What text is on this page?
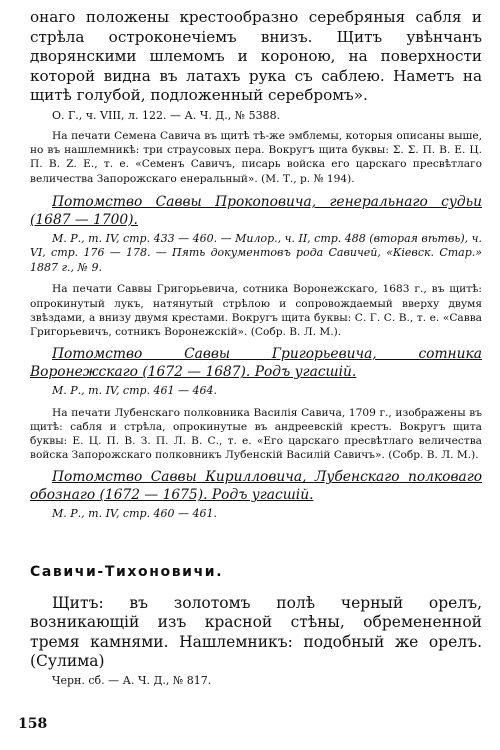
онаго положены крестообразно серебряныя сабля и стрѣла остроконечіемъ внизъ. Щитъ увѣнчанъ дворянскими шлемомъ и короною, на поверхности которой видна въ латахъ рука съ саблею. Наметъ на щитѣ голубой, подложенный серебромъ».

О. Г., ч. VIII, л. 122. — А. Ч. Д., № 5388.

На печати Семена Савича въ щитѣ тѣ-же эмблемы, которыя описаны выше, но въ нашлемникѣ: три страусовых пера. Вокругъ щита буквы: Σ. Σ. П. В. Е. Ц. П. В. Z. Е., т. е. «Семенъ Савичъ, писарь войска его царскаго пресвѣтлагo величества Запорожскаго енеральный». (М. Т., р. № 194).

Потомство Саввы Прокоповича, генеральнаго судьи (1687 — 1700).

М. Р., т. IV, стр. 433 — 460. — Милор., ч. II, стр. 488 (вторая вѣтвь), ч. VI, стр. 176 — 178. — Пять документовъ рода Савичей, «Кіевск. Стар.» 1887 г., № 9.

На печати Саввы Григорьевича, сотника Воронежскаго, 1683 г., въ щитѣ: опрокинутый лукъ, натянутый стрѣлою и сопровождаемый вверху двумя звѣздами, а внизу двумя крестами. Вокругъ щита буквы: С. Г. С. В., т. е. «Савва Григорьевичъ, сотникъ Воронежскій». (Собр. В. Л. М.).

Потомство Саввы Григорьевича, сотника Воронежскаго (1672 — 1687). Родъ угасшій.

М. Р., т. IV, стр. 461 — 464.

На печати Лубенскаго полковника Василія Савича, 1709 г., изображены въ щитѣ: сабля и стрѣла, опрокинутые въ андреевскій крестъ. Вокругъ щита буквы: Е. Ц. П. В. З. П. Л. В. С., т. е. «Его царскаго пресвѣтлагo величества войска Запорожскаго полковникъ Лубенскій Василій Савичъ». (Собр. В. Л. М.).

Потомство Саввы Кирилловича, Лубенскаго полковаго обознаго (1672 — 1675). Родъ угасшій.

М. Р., т. IV, стр. 460 — 461.

Савичи-Тихоновичи.

Щитъ: въ золотомъ полѣ черный орелъ, возникающій изъ красной стѣны, обремененной тремя камнями. Нашлемникъ: подобный же орелъ. (Сулима)

Черн. сб. — А. Ч. Д., № 817.

158
